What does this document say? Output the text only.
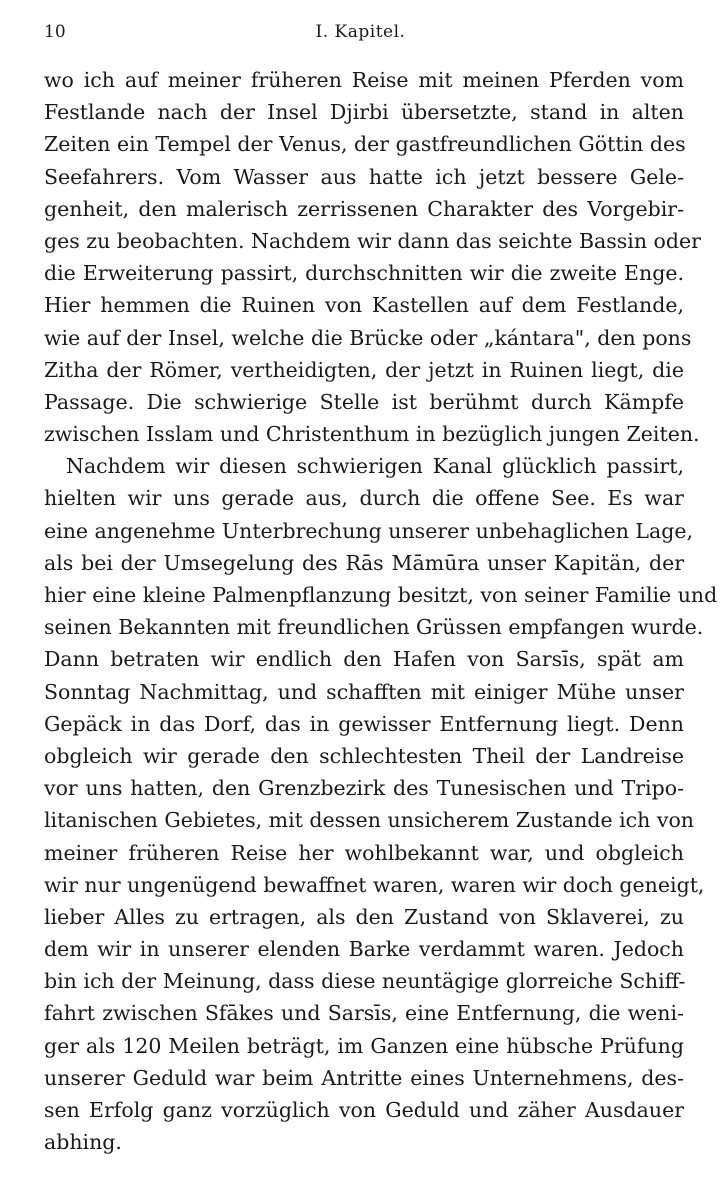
10	I. Kapitel.
wo ich auf meiner früheren Reise mit meinen Pferden vom
Festlande nach der Insel Djirbi übersetzte, stand in alten
Zeiten ein Tempel der Venus, der gastfreundlichen Göttin des
Seefahrers. Vom Wasser aus hatte ich jetzt bessere Gele-
genheit, den malerisch zerrissenen Charakter des Vorgebir-
ges zu beobachten. Nachdem wir dann das seichte Bassin oder
die Erweiterung passirt, durchschnitten wir die zweite Enge.
Hier hemmen die Ruinen von Kastellen auf dem Festlande,
wie auf der Insel, welche die Brücke oder „kántara", den pons
Zitha der Römer, vertheidigten, der jetzt in Ruinen liegt, die
Passage. Die schwierige Stelle ist berühmt durch Kämpfe
zwischen Isslam und Christenthum in bezüglich jungen Zeiten.
Nachdem wir diesen schwierigen Kanal glücklich passirt,
hielten wir uns gerade aus, durch die offene See. Es war
eine angenehme Unterbrechung unserer unbehaglichen Lage,
als bei der Umsegelung des Rās Māmūra unser Kapitän, der
hier eine kleine Palmenpflanzung besitzt, von seiner Familie und
seinen Bekannten mit freundlichen Grüssen empfangen wurde.
Dann betraten wir endlich den Hafen von Sarsīs, spät am
Sonntag Nachmittag, und schafften mit einiger Mühe unser
Gepäck in das Dorf, das in gewisser Entfernung liegt. Denn
obgleich wir gerade den schlechtesten Theil der Landreise
vor uns hatten, den Grenzbezirk des Tunesischen und Tripo-
litanischen Gebietes, mit dessen unsicherem Zustande ich von
meiner früheren Reise her wohlbekannt war, und obgleich
wir nur ungenügend bewaffnet waren, waren wir doch geneigt,
lieber Alles zu ertragen, als den Zustand von Sklaverei, zu
dem wir in unserer elenden Barke verdammt waren. Jedoch
bin ich der Meinung, dass diese neuntägige glorreiche Schiff-
fahrt zwischen Sfākes und Sarsīs, eine Entfernung, die weni-
ger als 120 Meilen beträgt, im Ganzen eine hübsche Prüfung
unserer Geduld war beim Antritte eines Unternehmens, des-
sen Erfolg ganz vorzüglich von Geduld und zäher Ausdauer
abhing.
